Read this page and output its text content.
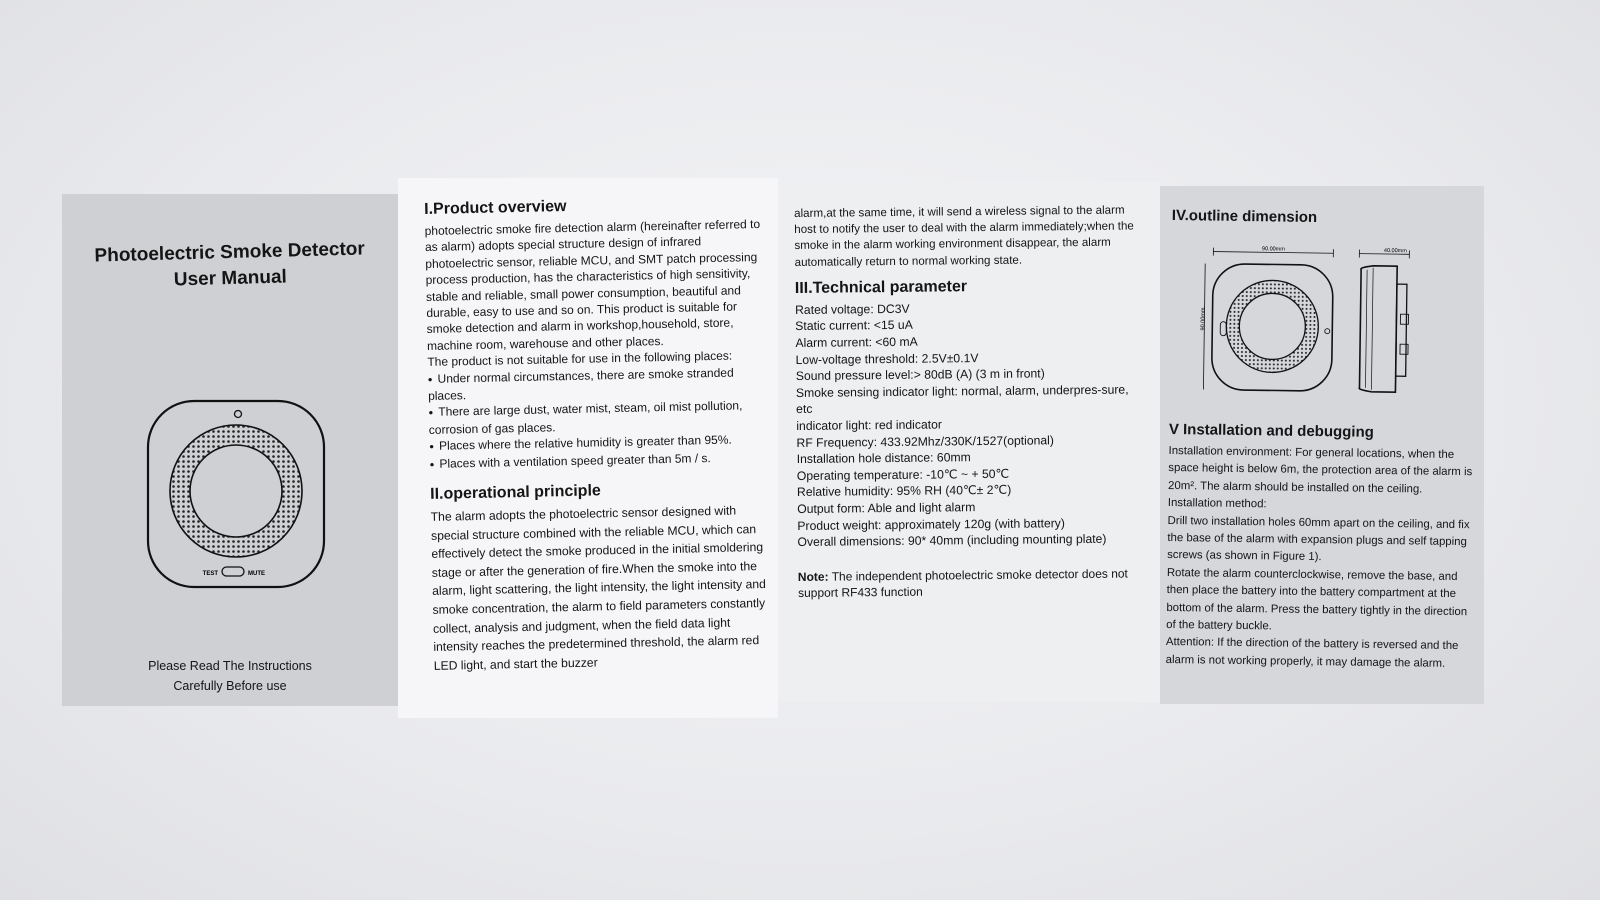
Photoelectric Smoke Detector
User Manual
TEST	MUTE
Please Read The Instructions
Carefully Before use
I.Product overview

photoelectric smoke fire detection alarm (hereinafter referred to as alarm) adopts special structure design of infrared photoelectric sensor, reliable MCU, and SMT patch processing process production, has the characteristics of high sensitivity, stable and reliable, small power consumption, beautiful and durable, easy to use and so on. This product is suitable for smoke detection and alarm in workshop,household, store, machine room, warehouse and other places.

The product is not suitable for use in the following places:

● Under normal circumstances, there are smoke stranded places.
● There are large dust, water mist, steam, oil mist pollution, corrosion of gas places.
● Places where the relative humidity is greater than 95%.
● Places with a ventilation speed greater than 5m / s.
II.operational principle

The alarm adopts the photoelectric sensor designed with special structure combined with the reliable MCU, which can effectively detect the smoke produced in the initial smoldering stage or after the generation of fire.When the smoke into the alarm, light scattering, the light intensity, the light intensity and smoke concentration, the alarm to field parameters constantly collect, analysis and judgment, when the field data light intensity reaches the predetermined threshold, the alarm red LED light, and start the buzzer

alarm,at the same time, it will send a wireless signal to the alarm host to notify the user to deal with the alarm immediately;when the smoke in the alarm working environment disappear, the alarm automatically return to normal working state.

III.Technical parameter

Rated voltage: DC3V

Static current: <15 uA

Alarm current: <60 mA

Low-voltage threshold: 2.5V±0.1V

Sound pressure level:> 80dB (A) (3 m in front)

Smoke sensing indicator light: normal, alarm, underpres-sure, etc

indicator light: red indicator

RF Frequency: 433.92Mhz/330K/1527(optional)

Installation hole distance: 60mm

Operating temperature: -10℃ ~ + 50℃

Relative humidity: 95% RH (40℃± 2℃)

Output form: Able and light alarm

Product weight: approximately 120g (with battery)

Overall dimensions: 90* 40mm (including mounting plate)

Note: The independent photoelectric smoke detector does not support RF433 function

IV.outline dimension
90.00mm
90.00mm
40.00mm
V Installation and debugging

Installation environment: For general locations, when the space height is below 6m, the protection area of the alarm is 20m². The alarm should be installed on the ceiling.

Installation method:

Drill two installation holes 60mm apart on the ceiling, and fix the base of the alarm with expansion plugs and self tapping screws (as shown in Figure 1).

Rotate the alarm counterclockwise, remove the base, and then place the battery into the battery compartment at the bottom of the alarm. Press the battery tightly in the direction of the battery buckle.

Attention: If the direction of the battery is reversed and the alarm is not working properly, it may damage the alarm.
